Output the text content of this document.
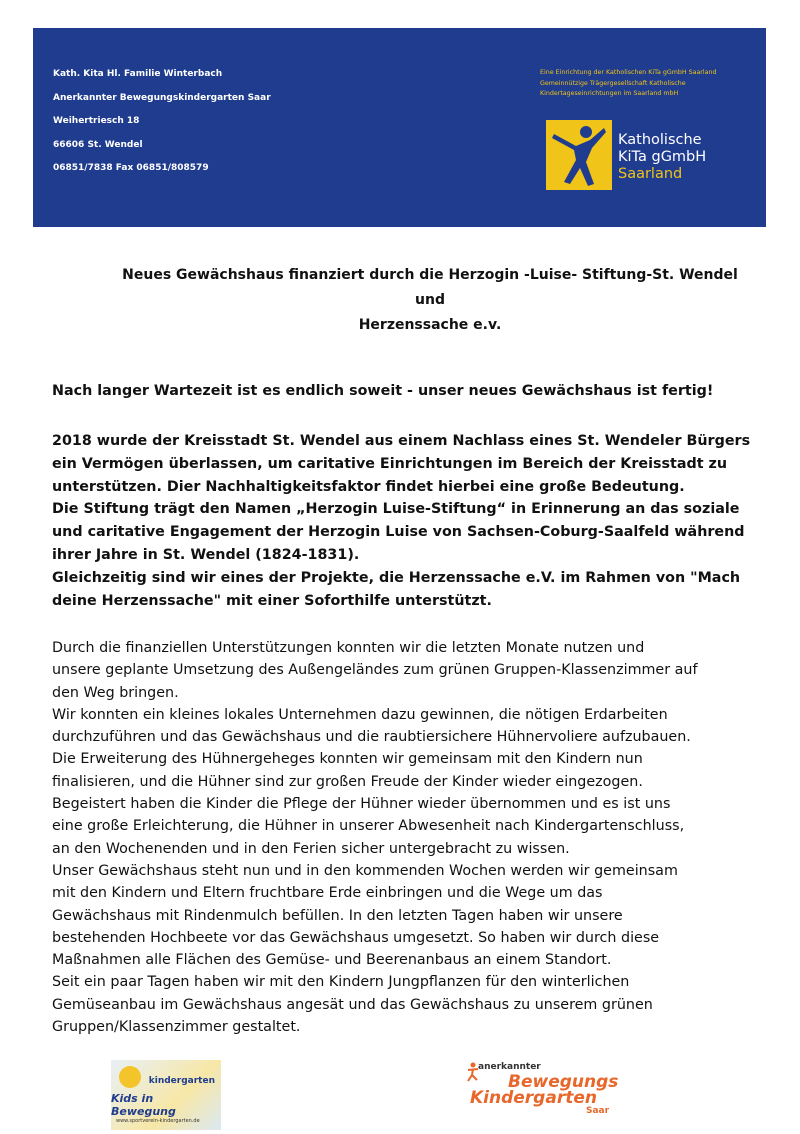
Kath. Kita Hl. Familie Winterbach
Anerkannter Bewegungskindergarten Saar
Weihertriesch 18
66606 St. Wendel
06851/7838 Fax 06851/808579
Eine Einrichtung der Katholischen KiTa gGmbH Saarland
Gemeinnützige Trägergesellschaft Katholische
Kindertageseinrichtungen im Saarland mbH
Katholische
KiTa gGmbH
Saarland
Neues Gewächshaus finanziert durch die Herzogin -Luise- Stiftung-St. Wendel
und
Herzenssache e.v.

Nach langer Wartezeit ist es endlich soweit - unser neues Gewächshaus ist fertig!

2018 wurde der Kreisstadt St. Wendel aus einem Nachlass eines St. Wendeler Bürgers
ein Vermögen überlassen, um caritative Einrichtungen im Bereich der Kreisstadt zu
unterstützen. Dier Nachhaltigkeitsfaktor findet hierbei eine große Bedeutung.
Die Stiftung trägt den Namen „Herzogin Luise-Stiftung“ in Erinnerung an das soziale
und caritative Engagement der Herzogin Luise von Sachsen-Coburg-Saalfeld während
ihrer Jahre in St. Wendel (1824-1831).
Gleichzeitig sind wir eines der Projekte, die Herzenssache e.V. im Rahmen von "Mach
deine Herzenssache" mit einer Soforthilfe unterstützt.
Durch die finanziellen Unterstützungen konnten wir die letzten Monate nutzen und
unsere geplante Umsetzung des Außengeländes zum grünen Gruppen-Klassenzimmer auf
den Weg bringen.
Wir konnten ein kleines lokales Unternehmen dazu gewinnen, die nötigen Erdarbeiten
durchzuführen und das Gewächshaus und die raubtiersichere Hühnervoliere aufzubauen.
Die Erweiterung des Hühnergeheges konnten wir gemeinsam mit den Kindern nun
finalisieren, und die Hühner sind zur großen Freude der Kinder wieder eingezogen.
Begeistert haben die Kinder die Pflege der Hühner wieder übernommen und es ist uns
eine große Erleichterung, die Hühner in unserer Abwesenheit nach Kindergartenschluss,
an den Wochenenden und in den Ferien sicher untergebracht zu wissen.
Unser Gewächshaus steht nun und in den kommenden Wochen werden wir gemeinsam
mit den Kindern und Eltern fruchtbare Erde einbringen und die Wege um das
Gewächshaus mit Rindenmulch befüllen. In den letzten Tagen haben wir unsere
bestehenden Hochbeete vor das Gewächshaus umgesetzt. So haben wir durch diese
Maßnahmen alle Flächen des Gemüse- und Beerenanbaus an einem Standort.
Seit ein paar Tagen haben wir mit den Kindern Jungpflanzen für den winterlichen
Gemüseanbau im Gewächshaus angesät und das Gewächshaus zu unserem grünen
Gruppen/Klassenzimmer gestaltet.
kindergarten
Kids in Bewegung
www.sportverein-kindergarten.de
anerkannter
Bewegungs
Kindergarten
Saar
